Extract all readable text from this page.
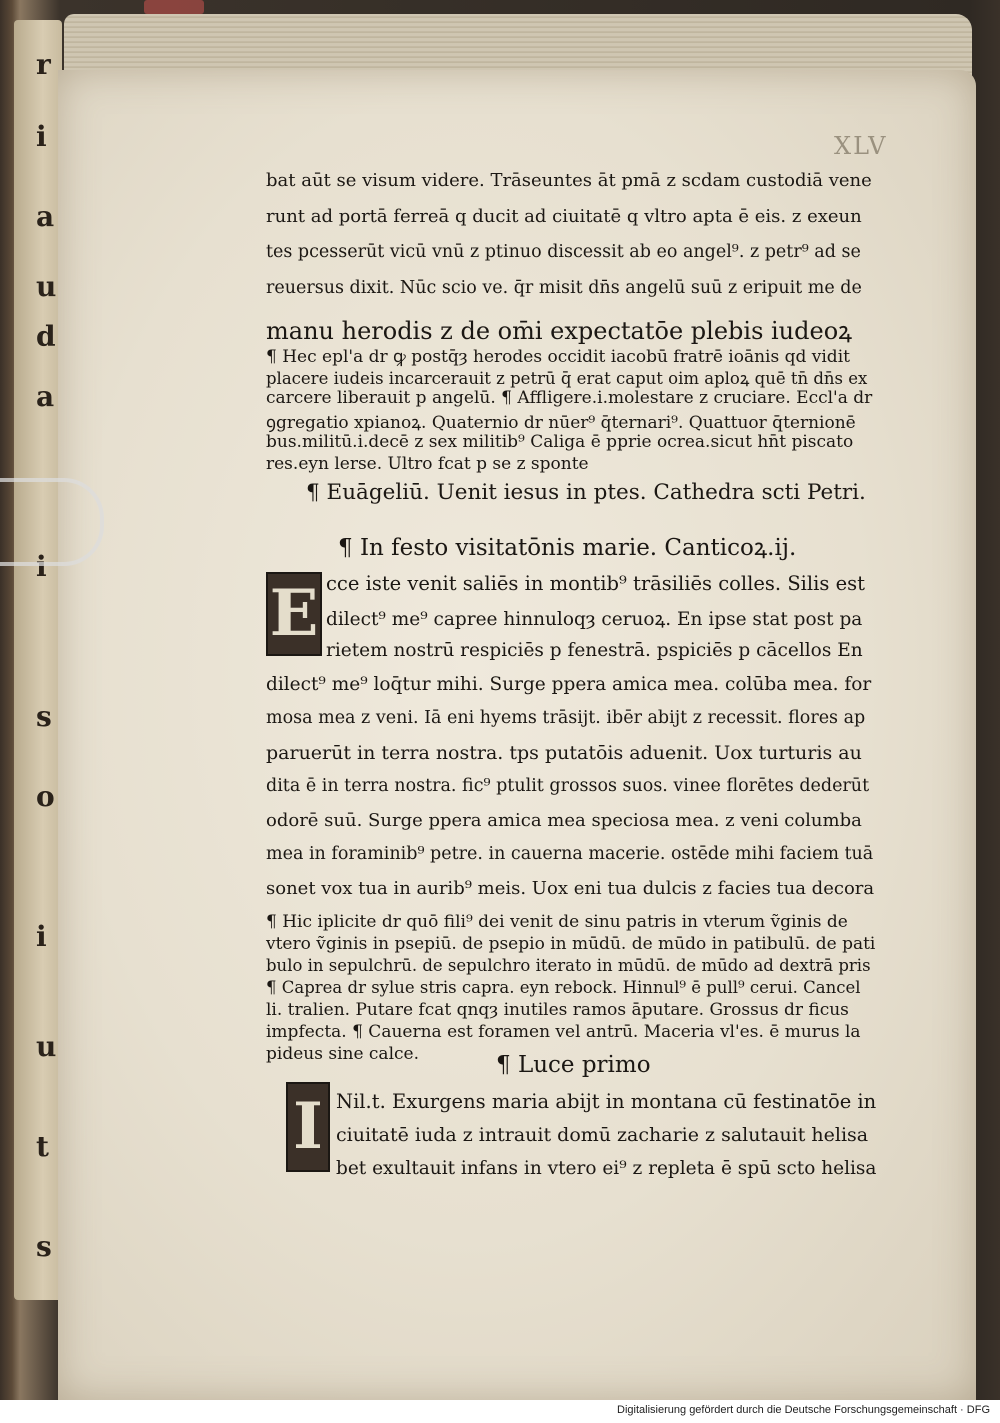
r
i
a
u
d
a
i
s
o
i
u
t
s
XLV
bat aūt se visum videre. Trāseuntes āt pmā z scdam custodiā vene
runt ad portā ferreā q ducit ad ciuitatē q vltro apta ē eis. z exeun
tes pcesserūt vicū vnū z ptinuo discessit ab eo angel⁹. z petr⁹ ad se
reuersus dixit. Nūc scio ve. q̄r misit dn̄s angelū suū z eripuit me de
manu herodis z de om̄i expectatōe plebis iudeoꝝ
¶ Hec epl'a dr ꝙ postq̄ȝ herodes occidit iacobū fratrē ioānis qd vidit
placere iudeis incarcerauit z petrū q̄ erat caput oim aploꝝ quē tn̄ dn̄s ex
carcere liberauit p angelū. ¶ Affligere.i.molestare z cruciare. Eccl'a dr
ꝯgregatio xpianoꝝ. Quaternio dr nūer⁹ q̄ternari⁹. Quattuor q̄ternionē
bus.militū.i.decē z sex militib⁹ Caliga ē pprie ocrea.sicut hn̄t piscato
res.eyn lerse. Ultro fcat p se z sponte
¶ Euāgeliū. Uenit iesus in ptes. Cathedra scti Petri.
¶ In festo visitatōnis marie. Canticoꝝ.ij.
E cce iste venit saliēs in montib⁹ trāsiliēs colles. Silis est
dilect⁹ me⁹ capree hinnuloqȝ ceruoꝝ. En ipse stat post pa
rietem nostrū respiciēs p fenestrā. pspiciēs p cācellos En
dilect⁹ me⁹ loq̄tur mihi. Surge ppera amica mea. colūba mea. for
mosa mea z veni. Iā eni hyems trāsijt. ibēr abijt z recessit. flores ap
paruerūt in terra nostra. tps putatōis aduenit. Uox turturis au
dita ē in terra nostra. fic⁹ ptulit grossos suos. vinee florētes dederūt
odorē suū. Surge ppera amica mea speciosa mea. z veni columba
mea in foraminib⁹ petre. in cauerna macerie. ostēde mihi faciem tuā
sonet vox tua in aurib⁹ meis. Uox eni tua dulcis z facies tua decora
¶ Hic iplicite dr quō fili⁹ dei venit de sinu patris in vterum ṽginis de
vtero ṽginis in psepiū. de psepio in mūdū. de mūdo in patibulū. de pati
bulo in sepulchrū. de sepulchro iterato in mūdū. de mūdo ad dextrā pris
¶ Caprea dr sylue stris capra. eyn rebock. Hinnul⁹ ē pull⁹ cerui. Cancel
li. tralien. Putare fcat qnqȝ inutiles ramos āputare. Grossus dr ficus
impfecta. ¶ Cauerna est foramen vel antrū. Maceria vl'es. ē murus la
pideus sine calce.	¶ Luce primo
I Nil.t. Exurgens maria abijt in montana cū festinatōe in
ciuitatē iuda z intrauit domū zacharie z salutauit helisa
bet exultauit infans in vtero ei⁹ z repleta ē spū scto helisa
Digitalisierung gefördert durch die Deutsche Forschungsgemeinschaft · DFG
